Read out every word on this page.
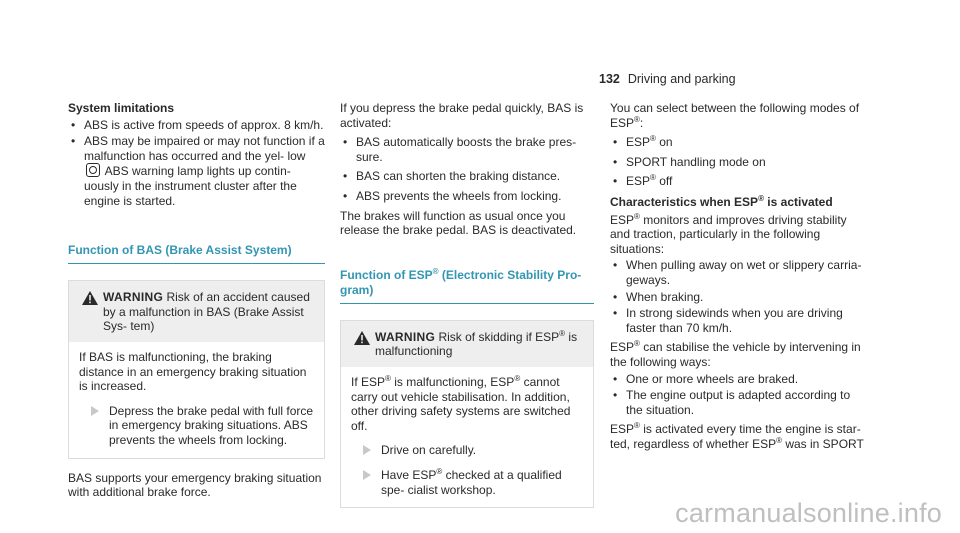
132 Driving and parking
System limitations
• ABS is active from speeds of approx. 8 km/h.
• ABS may be impaired or may not function if a malfunction has occurred and the yel- low  ABS warning lamp lights up contin- uously in the instrument cluster after the engine is started.
Function of BAS (Brake Assist System)
WARNING Risk of an accident caused by a malfunction in BAS (Brake Assist Sys- tem)

If BAS is malfunctioning, the braking distance in an emergency braking situation is increased.

Depress the brake pedal with full force in emergency braking situations. ABS prevents the wheels from locking.

BAS supports your emergency braking situation with additional brake force.

If you depress the brake pedal quickly, BAS is activated:

• BAS automatically boosts the brake pres- sure.
• BAS can shorten the braking distance.
• ABS prevents the wheels from locking.

The brakes will function as usual once you release the brake pedal. BAS is deactivated.

Function of ESP® (Electronic Stability Pro- gram)
WARNING Risk of skidding if ESP® is malfunctioning

If ESP® is malfunctioning, ESP® cannot carry out vehicle stabilisation. In addition, other driving safety systems are switched off.

Drive on carefully.
Have ESP® checked at a qualified spe- cialist workshop.

You can select between the following modes of ESP®:

• ESP® on
• SPORT handling mode on
• ESP® off
Characteristics when ESP® is activated

ESP® monitors and improves driving stability and traction, particularly in the following situations:

• When pulling away on wet or slippery carria- geways.
• When braking.
• In strong sidewinds when you are driving faster than 70 km/h.

ESP® can stabilise the vehicle by intervening in the following ways:

• One or more wheels are braked.
• The engine output is adapted according to the situation.

ESP® is activated every time the engine is star- ted, regardless of whether ESP® was in SPORT

carmanualsonline.info
